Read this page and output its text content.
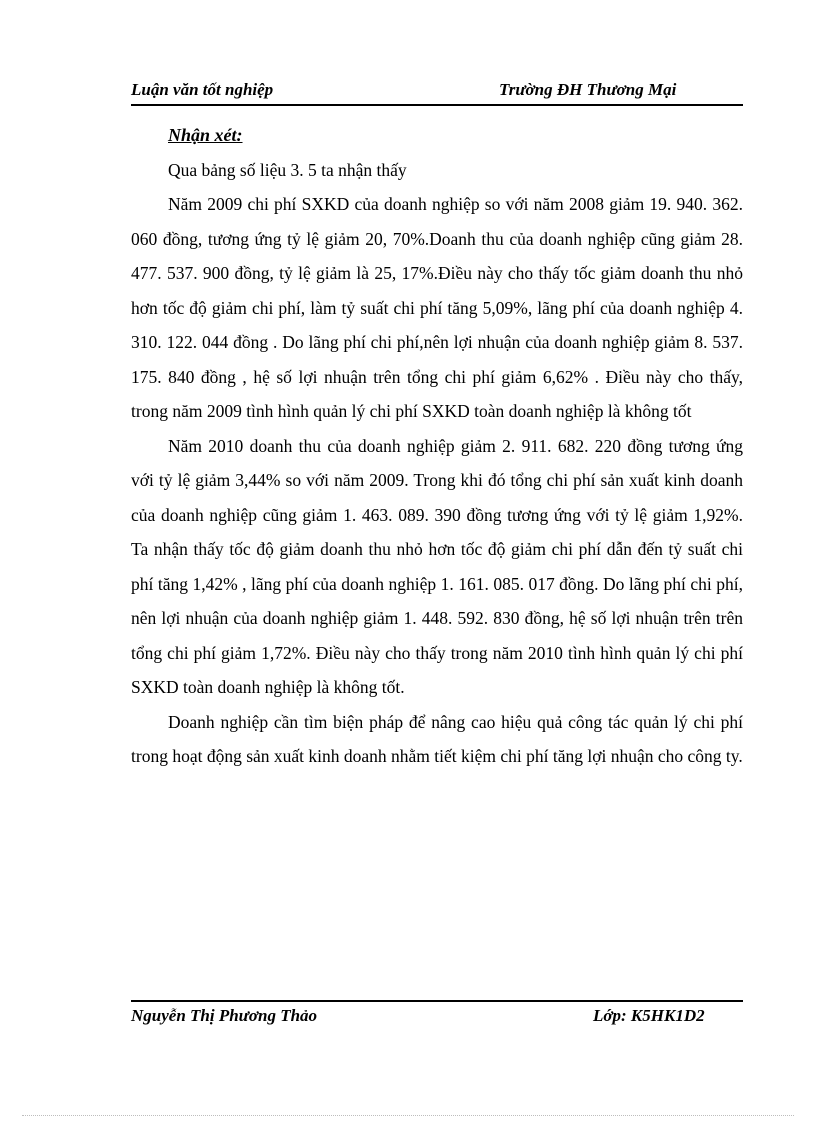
Luận văn tốt nghiệp	Trường ĐH Thương Mại

Nhận xét:

Qua bảng số liệu 3. 5 ta nhận thấy

Năm 2009 chi phí SXKD của doanh nghiệp so với năm 2008 giảm 19. 940. 362. 060 đồng, tương ứng tỷ lệ giảm 20, 70%.Doanh thu của doanh nghiệp cũng giảm 28. 477. 537. 900 đồng, tỷ lệ giảm là 25, 17%.Điều này cho thấy tốc giảm doanh thu nhỏ hơn tốc độ giảm chi phí, làm tỷ suất chi phí tăng 5,09%, lãng phí của doanh nghiệp 4. 310. 122. 044 đồng . Do lãng phí chi phí,nên lợi nhuận của doanh nghiệp giảm 8. 537. 175. 840 đồng , hệ số lợi nhuận trên tổng chi phí giảm 6,62% . Điều này cho thấy, trong năm 2009 tình hình quản lý chi phí SXKD toàn doanh nghiệp là không tốt

Năm 2010 doanh thu của doanh nghiệp giảm 2. 911. 682. 220 đồng tương ứng với tỷ lệ giảm 3,44% so với năm 2009. Trong khi đó tổng chi phí sản xuất kinh doanh của doanh nghiệp cũng giảm 1. 463. 089. 390 đồng tương ứng với tỷ lệ giảm 1,92%. Ta nhận thấy tốc độ giảm doanh thu nhỏ hơn tốc độ giảm chi phí dẫn đến tỷ suất chi phí tăng 1,42% , lãng phí của doanh nghiệp 1. 161. 085. 017 đồng. Do lãng phí chi phí, nên lợi nhuận của doanh nghiệp giảm 1. 448. 592. 830 đồng, hệ số lợi nhuận trên trên tổng chi phí giảm 1,72%. Điều này cho thấy trong năm 2010 tình hình quản lý chi phí SXKD toàn doanh nghiệp là không tốt.

Doanh nghiệp cần tìm biện pháp để nâng cao hiệu quả công tác quản lý chi phí trong hoạt động sản xuất kinh doanh nhằm tiết kiệm chi phí tăng lợi nhuận cho công ty.

Nguyễn Thị Phương Thảo	Lớp: K5HK1D2
